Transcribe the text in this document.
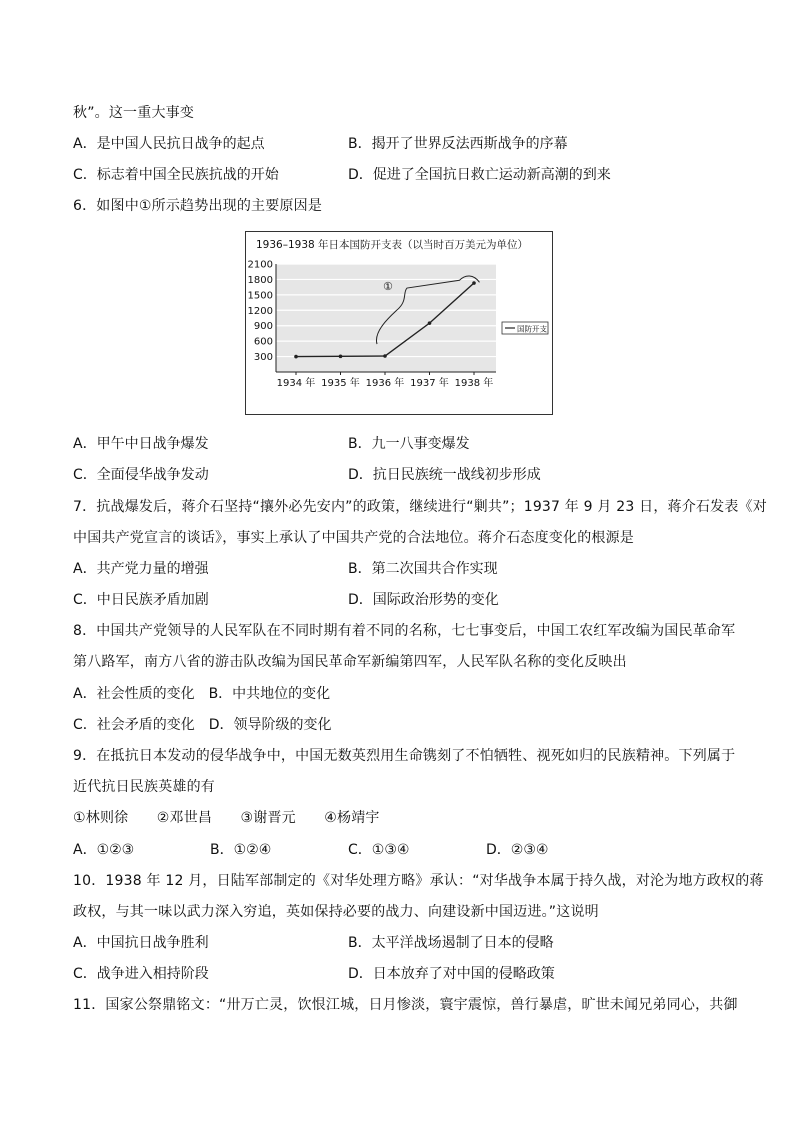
秋”。这一重大事变
A．是中国人民抗日战争的起点	B．揭开了世界反法西斯战争的序幕
C．标志着中国全民族抗战的开始	D．促进了全国抗日救亡运动新高潮的到来
6．如图中①所示趋势出现的主要原因是
1936–1938 年日本国防开支表（以当时百万美元为单位）
300
600
900
1200
1500
1800
2100
1934 年 1935 年 1936 年 1937 年 1938 年
①
国防开支
A．甲午中日战争爆发	B．九一八事变爆发
C．全面侵华战争发动	D．抗日民族统一战线初步形成
7．抗战爆发后，蒋介石坚持“攘外必先安内”的政策，继续进行“剿共”；1937 年 9 月 23 日，蒋介石发表《对
中国共产党宣言的谈话》，事实上承认了中国共产党的合法地位。蒋介石态度变化的根源是
A．共产党力量的增强	B．第二次国共合作实现
C．中日民族矛盾加剧	D．国际政治形势的变化
8．中国共产党领导的人民军队在不同时期有着不同的名称，七七事变后，中国工农红军改编为国民革命军
第八路军，南方八省的游击队改编为国民革命军新编第四军，人民军队名称的变化反映出
A．社会性质的变化　B．中共地位的变化
C．社会矛盾的变化　D．领导阶级的变化
9．在抵抗日本发动的侵华战争中，中国无数英烈用生命镌刻了不怕牺牲、视死如归的民族精神。下列属于
近代抗日民族英雄的有
①林则徐　　②邓世昌　　③谢晋元　　④杨靖宇
A．①②③	B．①②④	C．①③④	D．②③④
10．1938 年 12 月，日陆军部制定的《对华处理方略》承认：“对华战争本属于持久战，对沦为地方政权的蒋
政权，与其一味以武力深入穷追，英如保持必要的战力、向建设新中国迈进。”这说明
A．中国抗日战争胜利	B．太平洋战场遏制了日本的侵略
C．战争进入相持阶段	D．日本放弃了对中国的侵略政策
11．国家公祭鼎铭文：“卅万亡灵，饮恨江城，日月惨淡，寰宇震惊，兽行暴虐，旷世未闻兄弟同心，共御
